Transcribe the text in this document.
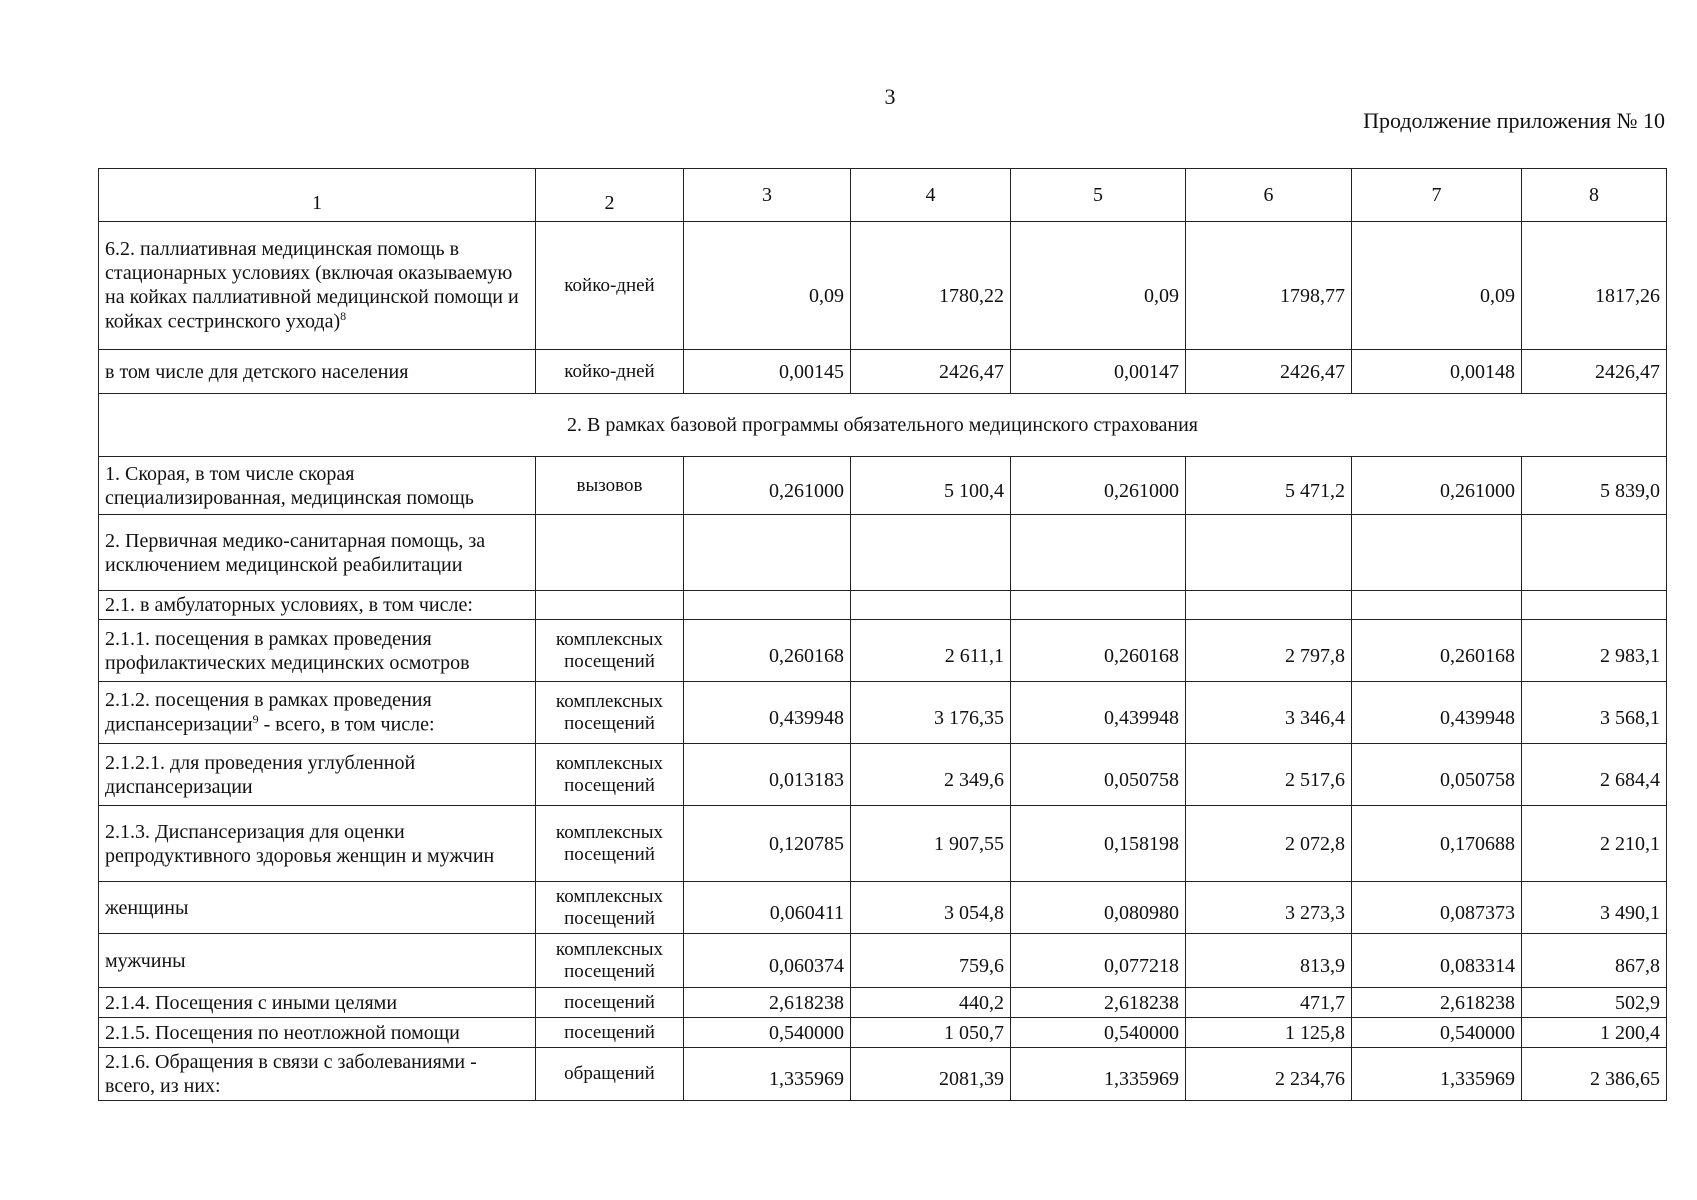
3
Продолжение приложения № 10
1	2	3	4	5	6	7	8
6.2. паллиативная медицинская помощь в стационарных условиях (включая оказываемую на койках паллиативной медицинской помощи и койках сестринского ухода)$^8$	койко-дней	0,09	1780,22	0,09	1798,77	0,09	1817,26
в том числе для детского населения	койко-дней	0,00145	2426,47	0,00147	2426,47	0,00148	2426,47
2. В рамках базовой программы обязательного медицинского страхования							
1. Скорая, в том числе скорая специализированная, медицинская помощь	вызовов	0,261000	5 100,4	0,261000	5 471,2	0,261000	5 839,0
2. Первичная медико-санитарная помощь, за исключением медицинской реабилитации							
2.1. в амбулаторных условиях, в том числе:							
2.1.1. посещения в рамках проведения профилактических медицинских осмотров	комплексных посещений	0,260168	2 611,1	0,260168	2 797,8	0,260168	2 983,1
2.1.2. посещения в рамках проведения диспансеризации$^9$ - всего, в том числе:	комплексных посещений	0,439948	3 176,35	0,439948	3 346,4	0,439948	3 568,1
2.1.2.1. для проведения углубленной диспансеризации	комплексных посещений	0,013183	2 349,6	0,050758	2 517,6	0,050758	2 684,4
2.1.3. Диспансеризация для оценки репродуктивного здоровья женщин и мужчин	комплексных посещений	0,120785	1 907,55	0,158198	2 072,8	0,170688	2 210,1
женщины	комплексных посещений	0,060411	3 054,8	0,080980	3 273,3	0,087373	3 490,1
мужчины	комплексных посещений	0,060374	759,6	0,077218	813,9	0,083314	867,8
2.1.4. Посещения с иными целями	посещений	2,618238	440,2	2,618238	471,7	2,618238	502,9
2.1.5. Посещения по неотложной помощи	посещений	0,540000	1 050,7	0,540000	1 125,8	0,540000	1 200,4
2.1.6. Обращения в связи с заболеваниями - всего, из них:	обращений	1,335969	2081,39	1,335969	2 234,76	1,335969	2 386,65
